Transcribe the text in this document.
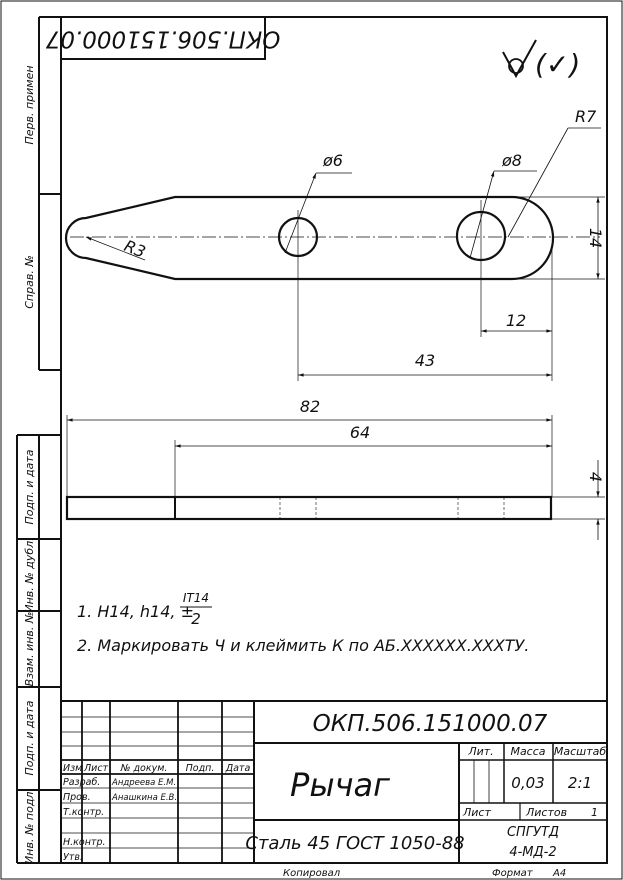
Перв. примен
Справ. №
Подп. и дата
Инв. № дубл.
Взам. инв. №
Подп. и дата
Инв. № подл.
ОКП.506.151000.07
(✓)
ø6	ø8
R7
R3	14
12
43
82
64
4
1. H14, h14, ±
IT14
2
2. Маркировать Ч и клеймить К по АБ.XXXXXX.XXXТУ.
ОКП.506.151000.07
Изм Лист № докум. Подп. Дата
Разраб. Андреева Е.М.
Пров.	Анашкина Е.В.
Т.контр.
Н.контр.
Утв.
Рычаг
Лит. Масса Масштаб
0,03 2:1
Лист	Листов 1
Сталь 45 ГОСТ 1050-88
СПГУТД
4-МД-2
Копировал	Формат А4
